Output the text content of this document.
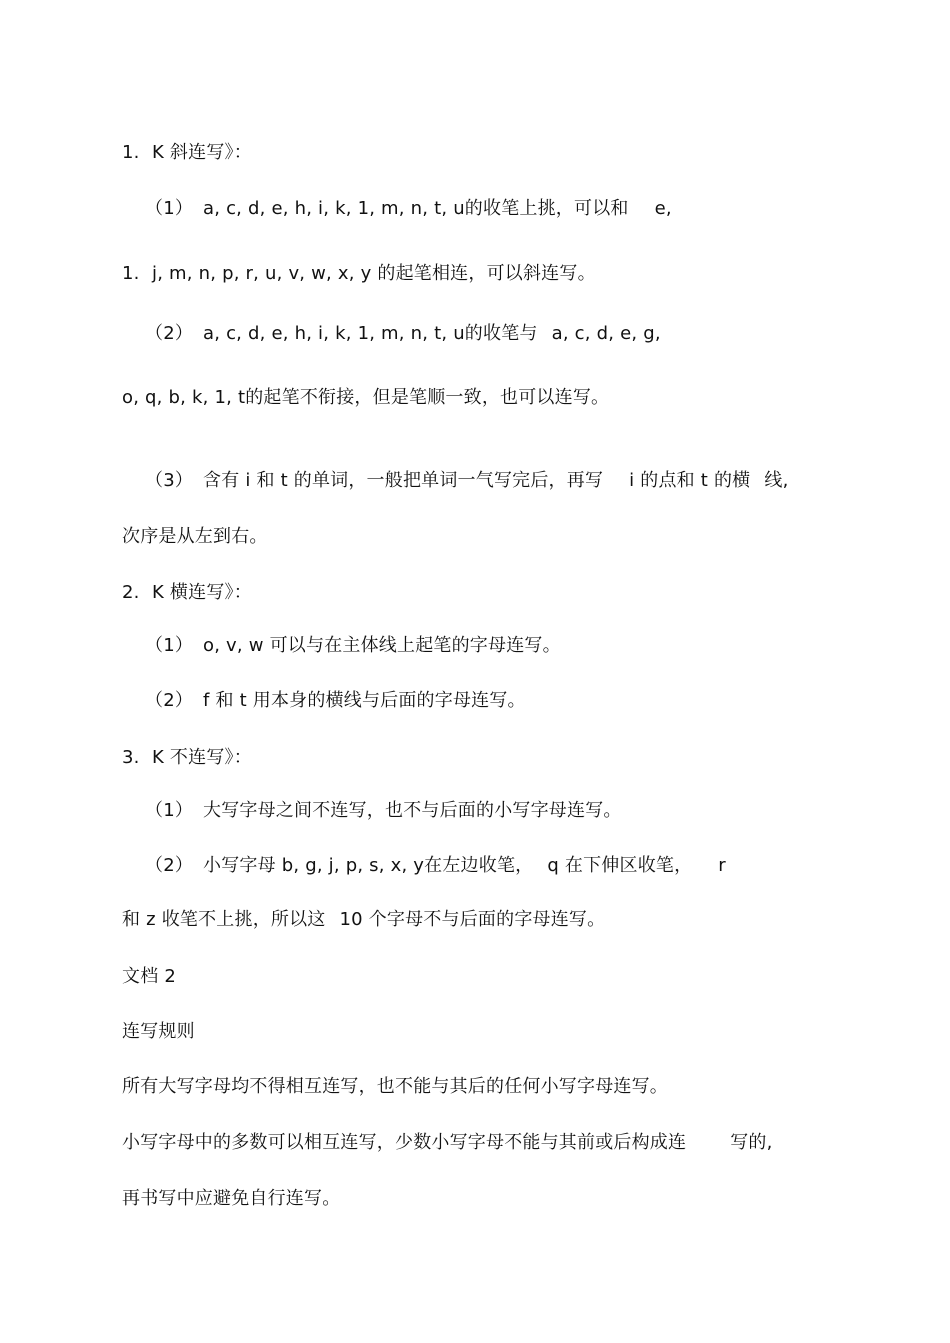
1. K 斜连写》：
（1） a, c, d, e, h, i, k, 1, m, n, t, u的收笔上挑，可以和 e,
1. j, m, n, p, r, u, v, w, x, y 的起笔相连，可以斜连写。
（2） a, c, d, e, h, i, k, 1, m, n, t, u的收笔与 a, c, d, e, g,
o, q, b, k, 1, t的起笔不衔接，但是笔顺一致，也可以连写。
（3） 含有 i 和 t 的单词，一般把单词一气写完后，再写 i 的点和 t 的横 线,
次序是从左到右。
2. K 横连写》：
（1） o, v, w 可以与在主体线上起笔的字母连写。
（2） f 和 t 用本身的横线与后面的字母连写。
3. K 不连写》：
（1） 大写字母之间不连写，也不与后面的小写字母连写。
（2） 小写字母 b, g, j, p, s, x, y在左边收笔， q 在下伸区收笔， r
和 z 收笔不上挑，所以这 10 个字母不与后面的字母连写。
文档 2
连写规则
所有大写字母均不得相互连写，也不能与其后的任何小写字母连写。
小写字母中的多数可以相互连写，少数小写字母不能与其前或后构成连 写的,
再书写中应避免自行连写。
